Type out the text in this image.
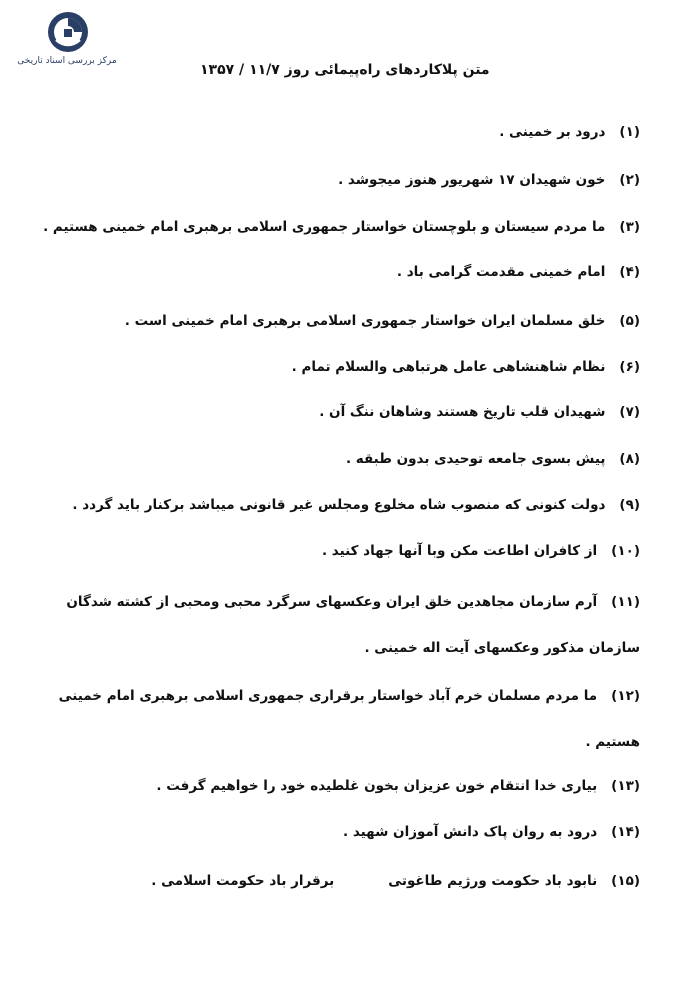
مرکز بررسی اسناد تاریخی
متن پلاکاردهای راه‌پیمائی روز ۱۱/۷ / ۱۳۵۷
(۱)درود بر خمینی .
(۲)خون شهیدان ۱۷ شهریور هنوز میجوشد .
(۳)ما مردم سیستان و بلوچستان خواستار جمهوری اسلامی برهبری امام خمینی هستیم .
(۴)امام خمینی مقدمت گرامی باد .
(۵)خلق مسلمان ایران خواستار جمهوری اسلامی برهبری امام خمینی است .
(۶)نظام شاهنشاهی عامل هرتباهی والسلام تمام .
(۷)شهیدان قلب تاریخ هستند وشاهان ننگ آن .
(۸)پیش بسوی جامعه توحیدی بدون طبقه .
(۹)دولت کنونی که منصوب شاه مخلوع ومجلس غیر قانونی میباشد برکنار باید گردد .
(۱۰)از کافران اطاعت مکن وبا آنها جهاد کنید .
(۱۱)آرم سازمان مجاهدین خلق ایران وعکسهای سرگرد محبی ومحبی از کشته شدگان
سازمان مذکور وعکسهای آیت اله خمینی .
(۱۲)ما مردم مسلمان خرم آباد خواستار برقراری جمهوری اسلامی برهبری امام خمینی
هستیم .
(۱۳)بیاری خدا انتقام خون عزیزان بخون غلطیده خود را خواهیم گرفت .
(۱۴)درود به روان پاک دانش آموزان شهید .
(۱۵)نابود باد حکومت ورژیم طاغوتیبرقرار باد حکومت اسلامی .
